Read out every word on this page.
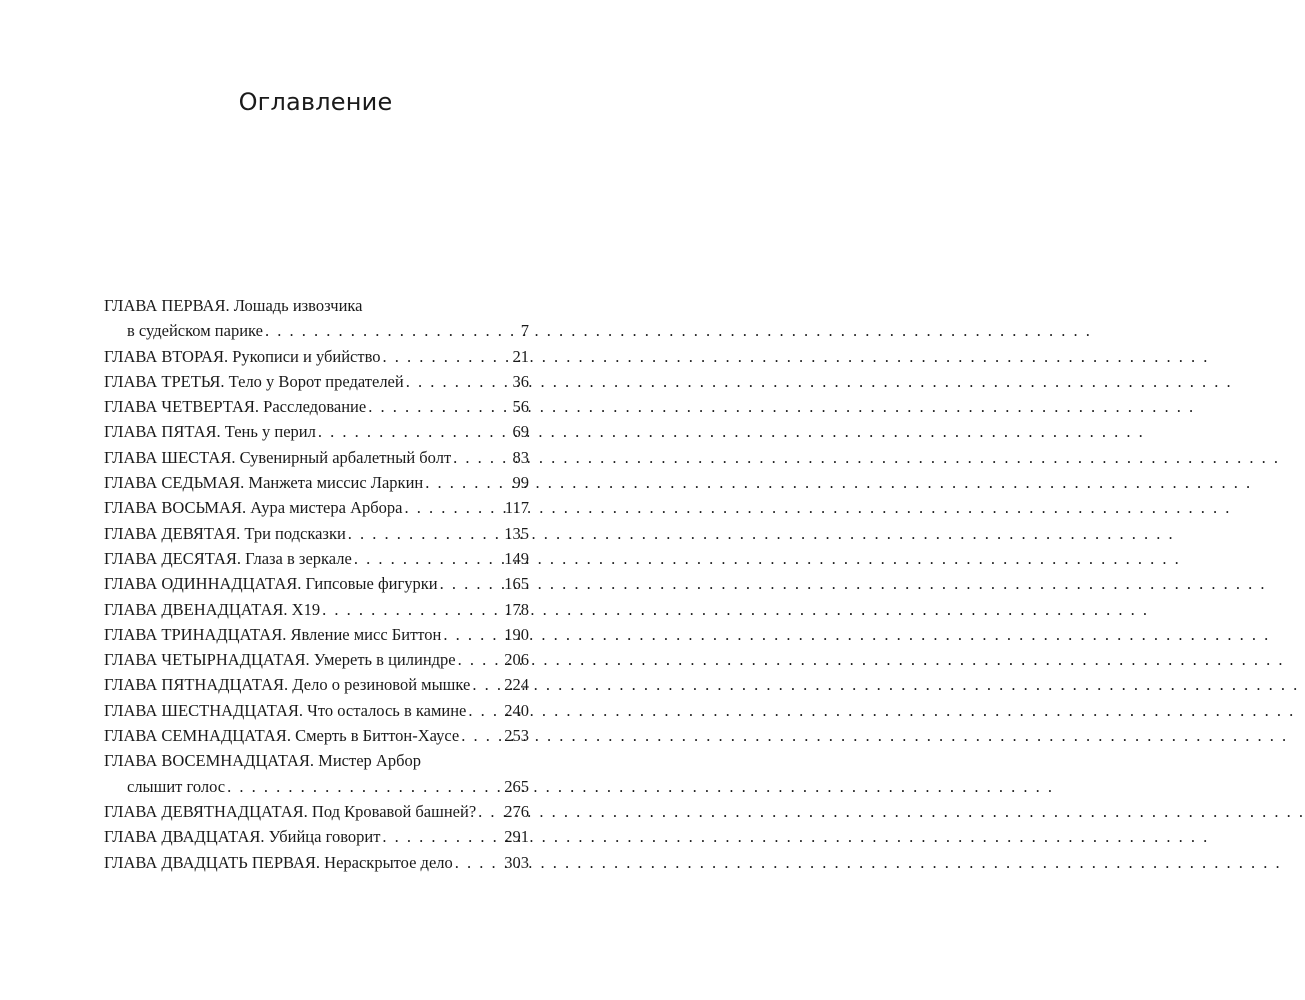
Оглавление
ГЛАВА ПЕРВАЯ. Лошадь извозчика
в судейском парике . . .	7
ГЛАВА ВТОРАЯ. Рукописи и убийство . . .	21
ГЛАВА ТРЕТЬЯ. Тело у Ворот предателей . . .	36
ГЛАВА ЧЕТВЕРТАЯ. Расследование . . .	56
ГЛАВА ПЯТАЯ. Тень у перил . . .	69
ГЛАВА ШЕСТАЯ. Сувенирный арбалетный болт . . .	83
ГЛАВА СЕДЬМАЯ. Манжета миссис Ларкин . . .	99
ГЛАВА ВОСЬМАЯ. Аура мистера Арбора . . .	117
ГЛАВА ДЕВЯТАЯ. Три подсказки . . .	135
ГЛАВА ДЕСЯТАЯ. Глаза в зеркале . . .	149
ГЛАВА ОДИННАДЦАТАЯ. Гипсовые фигурки . . .	165
ГЛАВА ДВЕНАДЦАТАЯ. X19 . . .	178
ГЛАВА ТРИНАДЦАТАЯ. Явление мисс Биттон . . .	190
ГЛАВА ЧЕТЫРНАДЦАТАЯ. Умереть в цилиндре . . .	206
ГЛАВА ПЯТНАДЦАТАЯ. Дело о резиновой мышке . . . 224
ГЛАВА ШЕСТНАДЦАТАЯ. Что осталось в камине . . . 240
ГЛАВА СЕМНАДЦАТАЯ. Смерть в Биттон-Хаусе . . .	253
ГЛАВА ВОСЕМНАДЦАТАЯ. Мистер Арбор
слышит голос . . .	265
ГЛАВА ДЕВЯТНАДЦАТАЯ. Под Кровавой башней? . . . 276
ГЛАВА ДВАДЦАТАЯ. Убийца говорит . . .	291
ГЛАВА ДВАДЦАТЬ ПЕРВАЯ. Нераскрытое дело . . .	303
